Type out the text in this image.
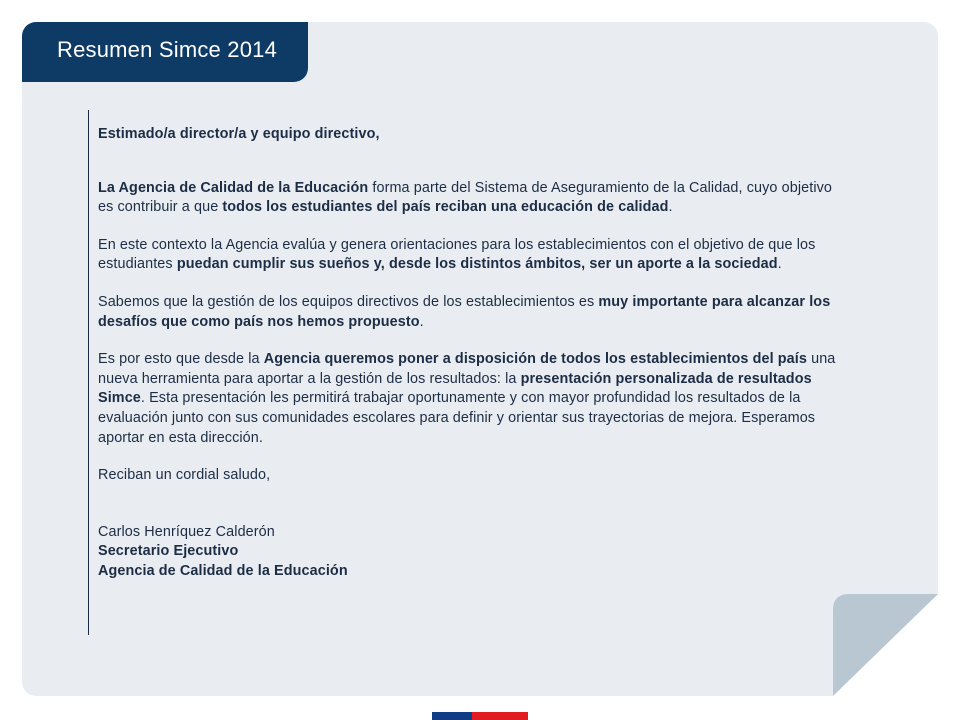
Resumen Simce 2014

Estimado/a director/a y equipo directivo,

La Agencia de Calidad de la Educación forma parte del Sistema de Aseguramiento de la Calidad, cuyo objetivo es contribuir a que todos los estudiantes del país reciban una educación de calidad.

En este contexto la Agencia evalúa y genera orientaciones para los establecimientos con el objetivo de que los estudiantes puedan cumplir sus sueños y, desde los distintos ámbitos, ser un aporte a la sociedad.

Sabemos que la gestión de los equipos directivos de los establecimientos es muy importante para alcanzar los desafíos que como país nos hemos propuesto.

Es por esto que desde la Agencia queremos poner a disposición de todos los establecimientos del país una nueva herramienta para aportar a la gestión de los resultados: la presentación personalizada de resultados Simce. Esta presentación les permitirá trabajar oportunamente y con mayor profundidad los resultados de la evaluación junto con sus comunidades escolares para definir y orientar sus trayectorias de mejora. Esperamos aportar en esta dirección.

Reciban un cordial saludo,

Carlos Henríquez Calderón

Secretario Ejecutivo

Agencia de Calidad de la Educación
